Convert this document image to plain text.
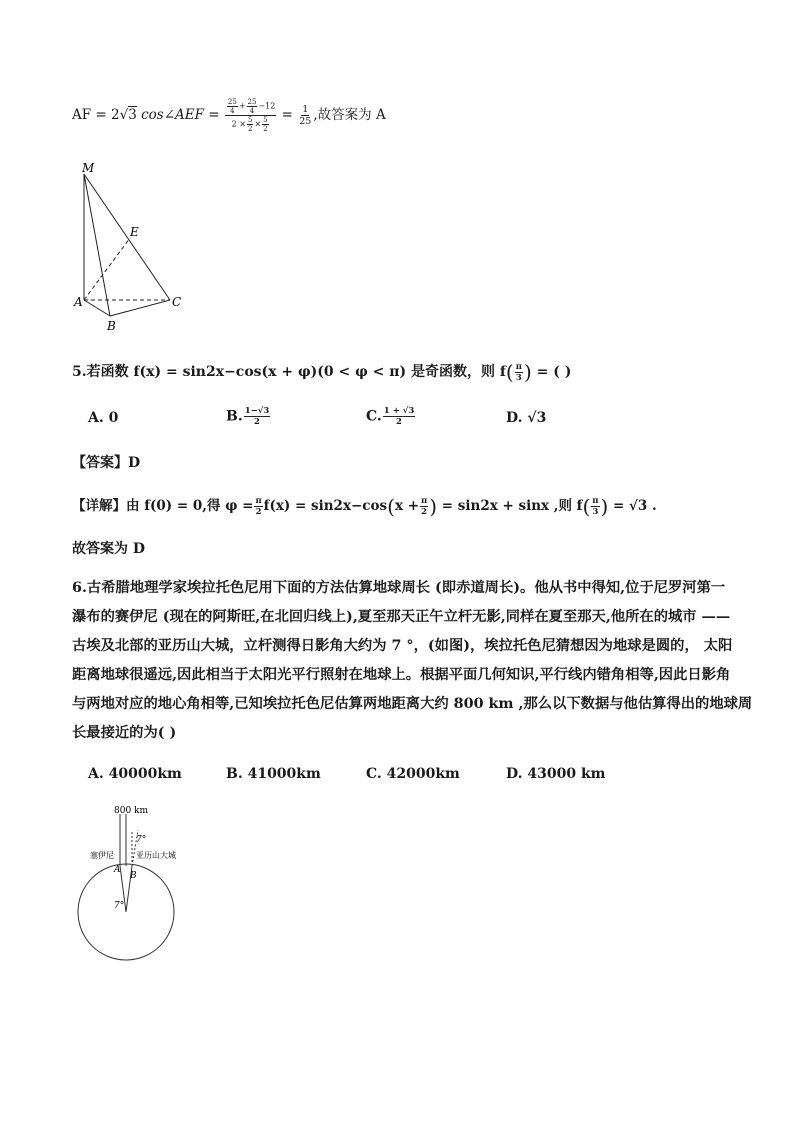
AF = 2√3 cos∠AEF = $\frac{\frac{25}{4} + \frac{25}{4} -12}{2 \times \frac{5}{2} \times \frac{5}{2}} = \frac{1}{25}$ ,故答案为 A
M
E
A
B
C
5.若函数 f(x) = sin2x−cos(x + φ)(0 < φ < π) 是奇函数，则 $f( \frac{\pi}{3}$ ) = ( )
A. 0	B. $\frac{1-√3}{2}$	C. $\frac{1 + √3}{2}$	D. √3
【答案】D
【详解】由 f(0) = 0,得 $\varphi = \frac{\pi}{2} f(x) = \sin 2x-\cos(x + \frac{\pi}{2}$ ) = sin2x + sinx ,则 $f( \frac{\pi}{3}$ ) = √3 .
故答案为 D
6.古希腊地理学家埃拉托色尼用下面的方法估算地球周长 (即赤道周长)。他从书中得知,位于尼罗河第一
瀑布的赛伊尼 (现在的阿斯旺,在北回归线上),夏至那天正午立杆无影,同样在夏至那天,他所在的城市 ——
古埃及北部的亚历山大城，立杆测得日影角大约为 7 °，(如图)，埃拉托色尼猜想因为地球是圆的， 太阳
距离地球很遥远,因此相当于太阳光平行照射在地球上。根据平面几何知识,平行线内错角相等,因此日影角
与两地对应的地心角相等,已知埃拉托色尼估算两地距离大约 800 km ,那么以下数据与他估算得出的地球周
长最接近的为( )
A. 40000km	B. 41000km	C. 42000km	D. 43000 km
800 km
7°
塞伊尼	亚历山大城
A
B
7°
